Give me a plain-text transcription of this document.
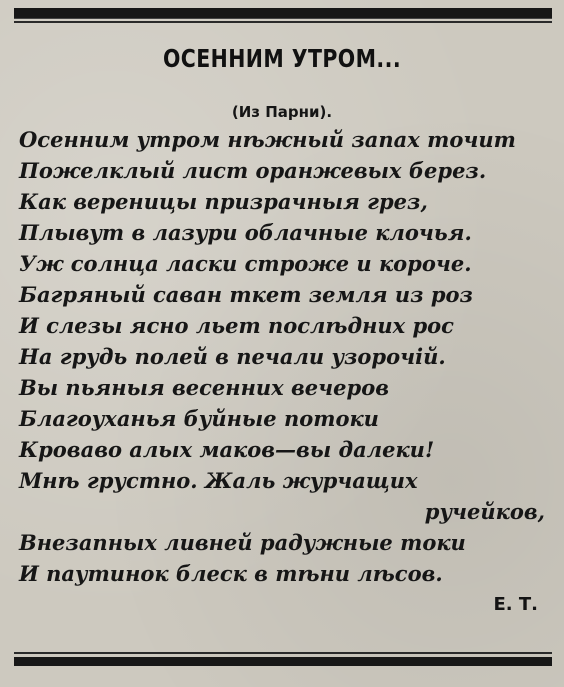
ОСЕННИМ УТРОМ...
(Из Парни).
Осенним утром нѣжный запах точит
Пожелклый лист оранжевых берез.
Как вереницы призрачныя грез,
Плывут в лазури облачные клочья.
Уж солнца ласки строже и короче.
Багряный саван ткет земля из роз
И слезы ясно льет послѣдних рос
На грудь полей в печали узорочій.
Вы пьяныя весенних вечеров
Благоуханья буйные потоки
Кроваво алых маков—вы далеки!
Мнѣ грустно. Жаль журчащих
ручейков,
Внезапных ливней радужные токи
И паутинок блеск в тѣни лѣсов.
Е. Т.
